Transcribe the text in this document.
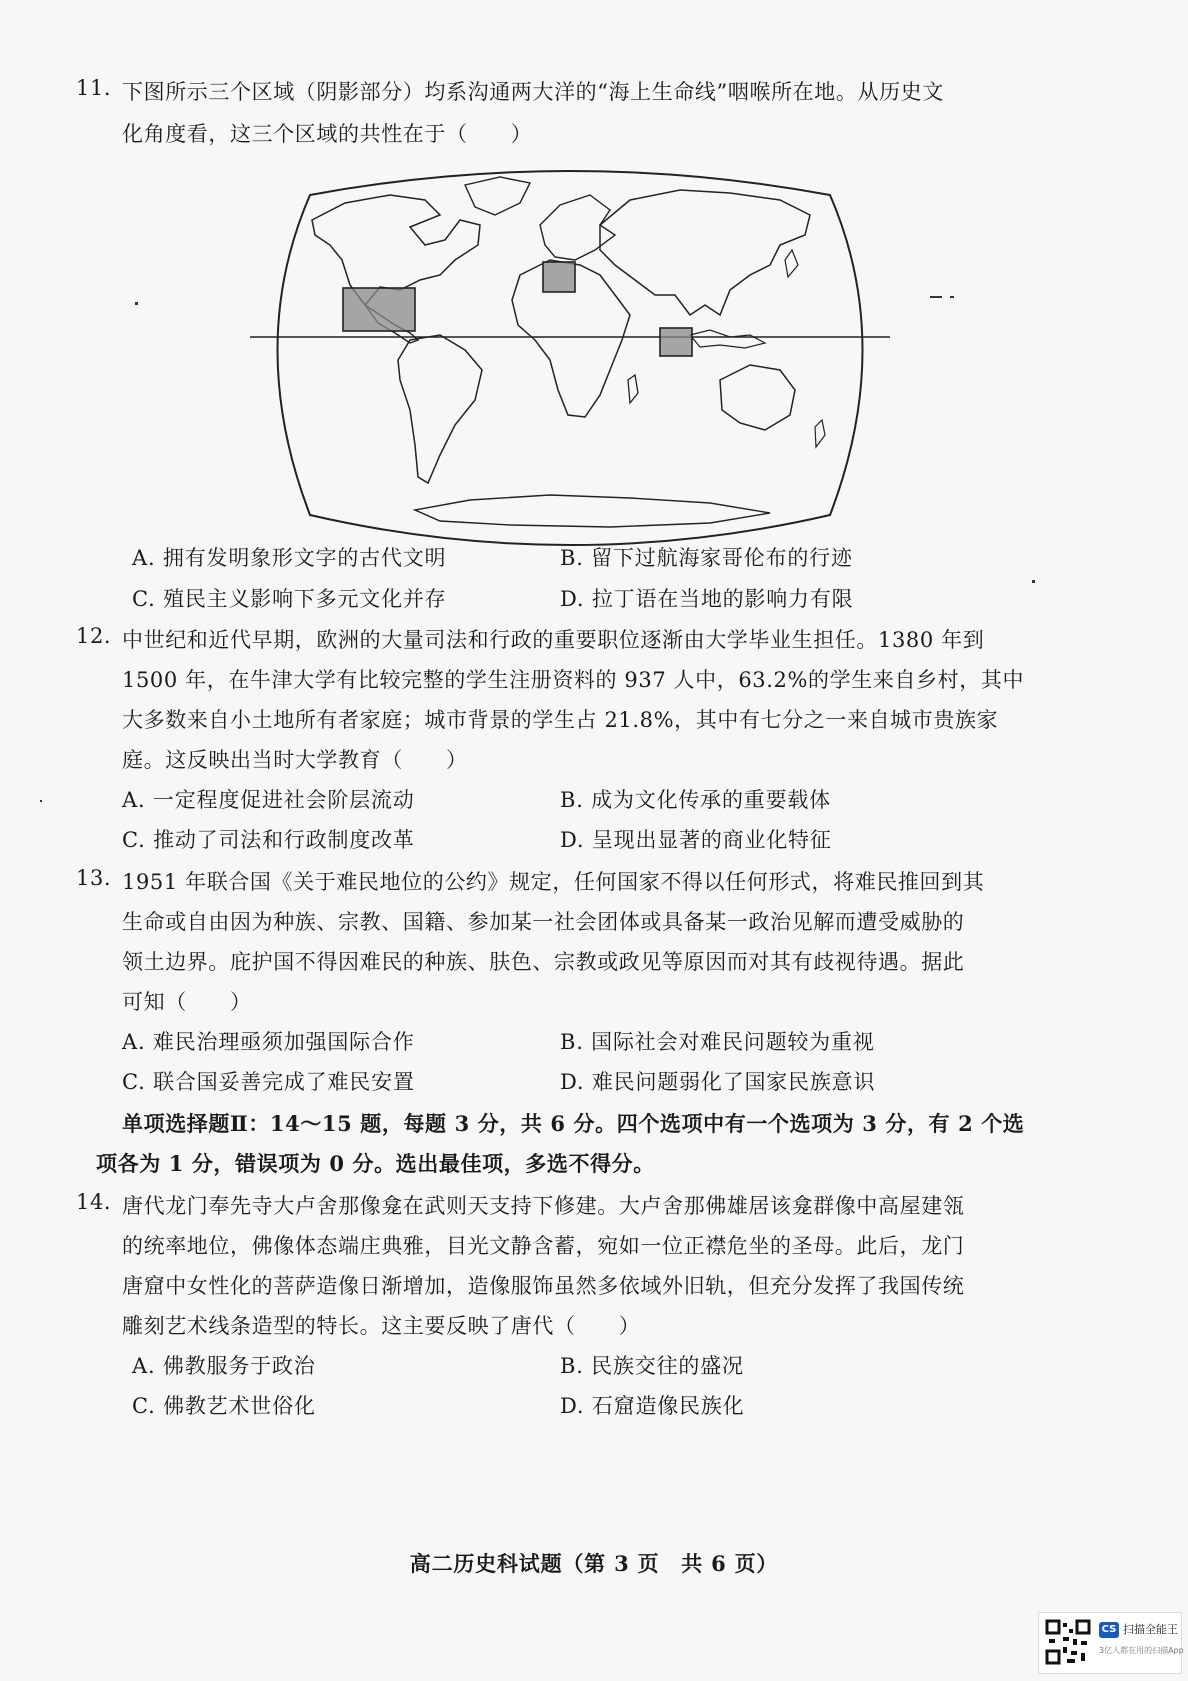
11. 下图所示三个区域（阴影部分）均系沟通两大洋的“海上生命线”咽喉所在地。从历史文
化角度看，这三个区域的共性在于（　　）
A. 拥有发明象形文字的古代文明	B. 留下过航海家哥伦布的行迹
C. 殖民主义影响下多元文化并存	D. 拉丁语在当地的影响力有限
12. 中世纪和近代早期，欧洲的大量司法和行政的重要职位逐渐由大学毕业生担任。1380 年到
1500 年，在牛津大学有比较完整的学生注册资料的 937 人中，63.2%的学生来自乡村，其中
大多数来自小土地所有者家庭；城市背景的学生占 21.8%，其中有七分之一来自城市贵族家
庭。这反映出当时大学教育（　　）
A. 一定程度促进社会阶层流动	B. 成为文化传承的重要载体
C. 推动了司法和行政制度改革	D. 呈现出显著的商业化特征
13. 1951 年联合国《关于难民地位的公约》规定，任何国家不得以任何形式，将难民推回到其
生命或自由因为种族、宗教、国籍、参加某一社会团体或具备某一政治见解而遭受威胁的
领土边界。庇护国不得因难民的种族、肤色、宗教或政见等原因而对其有歧视待遇。据此
可知（　　）
A. 难民治理亟须加强国际合作	B. 国际社会对难民问题较为重视
C. 联合国妥善完成了难民安置	D. 难民问题弱化了国家民族意识
单项选择题Ⅱ：14～15 题，每题 3 分，共 6 分。四个选项中有一个选项为 3 分，有 2 个选
项各为 1 分，错误项为 0 分。选出最佳项，多选不得分。
14. 唐代龙门奉先寺大卢舍那像龛在武则天支持下修建。大卢舍那佛雄居该龛群像中高屋建瓴
的统率地位，佛像体态端庄典雅，目光文静含蓄，宛如一位正襟危坐的圣母。此后，龙门
唐窟中女性化的菩萨造像日渐增加，造像服饰虽然多依域外旧轨，但充分发挥了我国传统
雕刻艺术线条造型的特长。这主要反映了唐代（　　）
A. 佛教服务于政治	B. 民族交往的盛况
C. 佛教艺术世俗化	D. 石窟造像民族化
高二历史科试题（第 3 页　共 6 页）
CS 扫描全能王
3亿人都在用的扫描App
